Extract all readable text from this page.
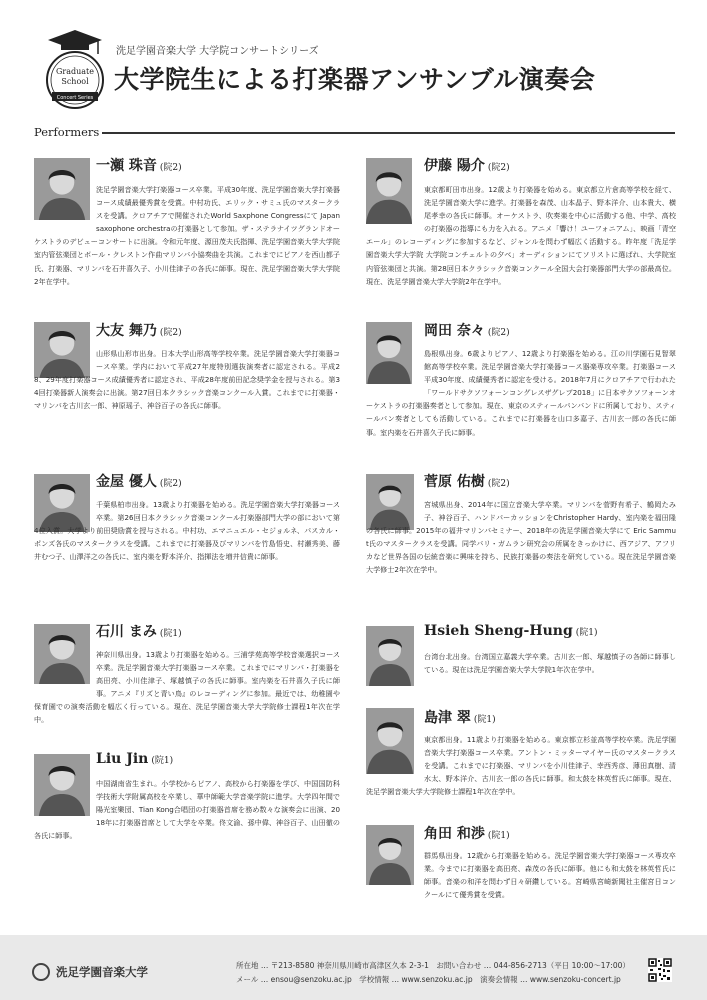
Graduate
School
Concert Series
洗足学園音楽大学 大学院コンサートシリーズ
大学院生による打楽器アンサンブル演奏会
Performers
一瀬 珠音 (院2)
洗足学園音楽大学打楽器コース卒業。平成30年度、洗足学園音楽大学打楽器コース成績最優秀賞を受賞。中村功氏、エリック・サミュ氏のマスタークラスを受講。クロアチアで開催されたWorld Saxphone Congressにて Japan saxophone orchestraの打楽器として参加。ザ・ステラナイツグランドオーケストラのデビューコンサートに出演。令和元年度、源田茂夫氏指揮、洗足学園音楽大学大学院室内管弦楽団とボール・クレストン作曲マリンバ小協奏曲を共演。これまでにピアノを西山都子氏、打楽器、マリンバを石井喜久子、小川佳津子の各氏に師事。現在、洗足学園音楽大学大学院2年在学中。
伊藤 陽介 (院2)
東京都町田市出身。12歳より打楽器を始める。東京都立片倉高等学校を経て、洗足学園音楽大学に進学。打楽器を森茂、山本晶子、野本洋介、山本貴大、横尾孝幸の各氏に師事。オーケストラ、吹奏楽を中心に活動する他、中学、高校の打楽器の指導にも力を入れる。アニメ「響け！ユーフォニアム」、映画「青空エール」のレコーディングに参加するなど、ジャンルを問わず幅広く活動する。昨年度「洗足学園音楽大学大学院 大学院コンチェルトの夕べ」オーディションにてソリストに選ばれ、大学院室内管弦楽団と共演。第28回日本クラシック音楽コンクール全国大会打楽器部門大学の部最高位。現在、洗足学園音楽大学大学院2年在学中。
大友 舞乃 (院2)
山形県山形市出身。日本大学山形高等学校卒業。洗足学園音楽大学打楽器コース卒業。学内において平成27年度特別選抜演奏者に認定される。平成28、29年度打楽器コース成績優秀者に認定され、平成28年度前田記念奨学金を授与される。第34回打楽器新人演奏会に出演。第27回日本クラシック音楽コンクール入賞。これまでに打楽器・マリンバを古川玄一郎、神原瑶子、神谷百子の各氏に師事。
岡田 奈々 (院2)
島根県出身。6歳よりピアノ、12歳より打楽器を始める。江の川学園石見智翠館高等学校卒業。洗足学園音楽大学打楽器コース器楽専攻卒業。打楽器コース平成30年度、成績優秀者に認定を受ける。2018年7月にクロアチアで行われた「ワールドサクソフォーンコングレスザグレブ2018」に日本サクソフォーンオーケストラの打楽器奏者として参加。現在、東京のスティールパンバンドに所属しており、スティールパン奏者としても活動している。これまでに打楽器を山口多嘉子、古川玄一郎の各氏に師事。室内楽を石井喜久子氏に師事。
金屋 優人 (院2)
千葉県柏市出身。13歳より打楽器を始める。洗足学園音楽大学打楽器コース卒業。第26回日本クラシック音楽コンクール打楽器部門大学の部において第4位入賞。大学より前田奨励賞を授与される。中村功、エマニュエル・セジョルネ、パスカル・ポンズ各氏のマスタークラスを受講。これまでに打楽器及びマリンバを竹島悟史、村瀬秀美、藤井むつ子、山澤洋之の各氏に、室内楽を野本洋介、指揮法を増井信貴に師事。
菅原 佑樹 (院2)
宮城県出身、2014年に国立音楽大学卒業。マリンバを菅野有希子、鶴岡たみ子、神谷百子、ハンドパーカッションをChristopher Hardy、室内楽を福田隆の各氏に師事。2015年の福井マリンバセミナー、2018年の洗足学園音楽大学にて Eric Sammut氏のマスタークラスを受講。同学バリ・ガムラン研究会の所属をきっかけに、西アジア、アフリカなど世界各国の伝統音楽に興味を持ち、民族打楽器の奏法を研究している。現在洗足学園音楽大学修士2年次在学中。
石川 まみ (院1)
神奈川県出身。13歳より打楽器を始める。三浦学苑高等学校音楽選択コース卒業。洗足学園音楽大学打楽器コース卒業。これまでにマリンバ・打楽器を高田亮、小川佳津子、塚越慎子の各氏に師事。室内楽を石井喜久子氏に師事。アニメ『リズと青い鳥』のレコーディングに参加。最近では、幼稚園や保育園での演奏活動を幅広く行っている。現在、洗足学園音楽大学大学院修士課程1年次在学中。
Hsieh Sheng-Hung (院1)
台湾台北出身。台湾国立嘉義大学卒業。古川玄一郎、塚越慎子の各師に師事している。現在は洗足学園音楽大学大学院1年次在学中。
Liu Jin (院1)
中国湖南省生まれ。小学校からピアノ、高校から打楽器を学び、中国国防科学技術大学附属高校を卒業し、華中師範大学音楽学院に進学。大学四年間で陽光室樂団、Tian Kong合唱団の打楽器首席を務め数々な演奏会に出演、2018年に打楽器首席として大学を卒業。佟文渝、孫中偉、神谷百子、山田徹の各氏に師事。
島津 翠 (院1)
東京都出身。11歳より打楽器を始める。東京都立杉並高等学校卒業。洗足学園音楽大学打楽器コース卒業。アントン・ミッターマイヤー氏のマスタークラスを受講。これまでに打楽器、マリンバを小川佳津子、幸西秀彦、薄田真樹、清水太、野本洋介、古川玄一郎の各氏に師事。和太鼓を林英哲氏に師事。現在、洗足学園音楽大学大学院修士課程1年次在学中。
角田 和渉 (院1)
群馬県出身。12歳から打楽器を始める。洗足学園音楽大学打楽器コース専攻卒業。今までに打楽器を高田亮、森茂の各氏に師事。他にも和太鼓を林英哲氏に師事。音楽の和洋を問わず日々研鑽している。宮崎県宮崎新聞社主催宮日コンクールにて優秀賞を受賞。
洗足学園音楽大学	所在地 … 〒213-8580 神奈川県川崎市高津区久本 2-3-1　お問い合わせ … 044-856-2713（平日 10:00〜17:00）
メール … ensou@senzoku.ac.jp　学校情報 … www.senzoku.ac.jp　演奏会情報 … www.senzoku-concert.jp
